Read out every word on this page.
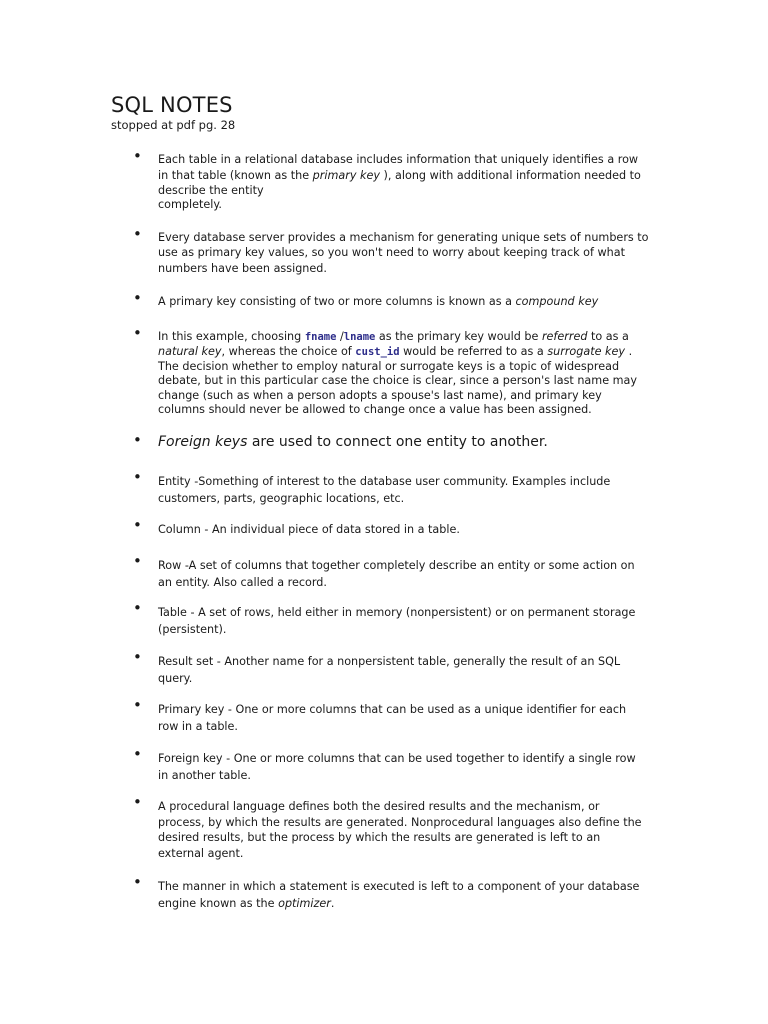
SQL NOTES
stopped at pdf pg. 28
• Each table in a relational database includes information that uniquely identifies a row
in that table (known as the primary key ), along with additional information needed to
describe the entity
completely.
• Every database server provides a mechanism for generating unique sets of numbers to
use as primary key values, so you won't need to worry about keeping track of what
numbers have been assigned.
• A primary key consisting of two or more columns is known as a compound key
• In this example, choosing fname /lname as the primary key would be referred to as a
natural key, whereas the choice of cust_id would be referred to as a surrogate key .
The decision whether to employ natural or surrogate keys is a topic of widespread
debate, but in this particular case the choice is clear, since a person's last name may
change (such as when a person adopts a spouse's last name), and primary key
columns should never be allowed to change once a value has been assigned.
• Foreign keys are used to connect one entity to another.
• Entity -Something of interest to the database user community. Examples include
customers, parts, geographic locations, etc.
• Column - An individual piece of data stored in a table.
• Row -A set of columns that together completely describe an entity or some action on
an entity. Also called a record.
• Table - A set of rows, held either in memory (nonpersistent) or on permanent storage
(persistent).
• Result set - Another name for a nonpersistent table, generally the result of an SQL
query.
• Primary key - One or more columns that can be used as a unique identifier for each
row in a table.
• Foreign key - One or more columns that can be used together to identify a single row
in another table.
• A procedural language defines both the desired results and the mechanism, or
process, by which the results are generated. Nonprocedural languages also define the
desired results, but the process by which the results are generated is left to an
external agent.
• The manner in which a statement is executed is left to a component of your database
engine known as the optimizer.
